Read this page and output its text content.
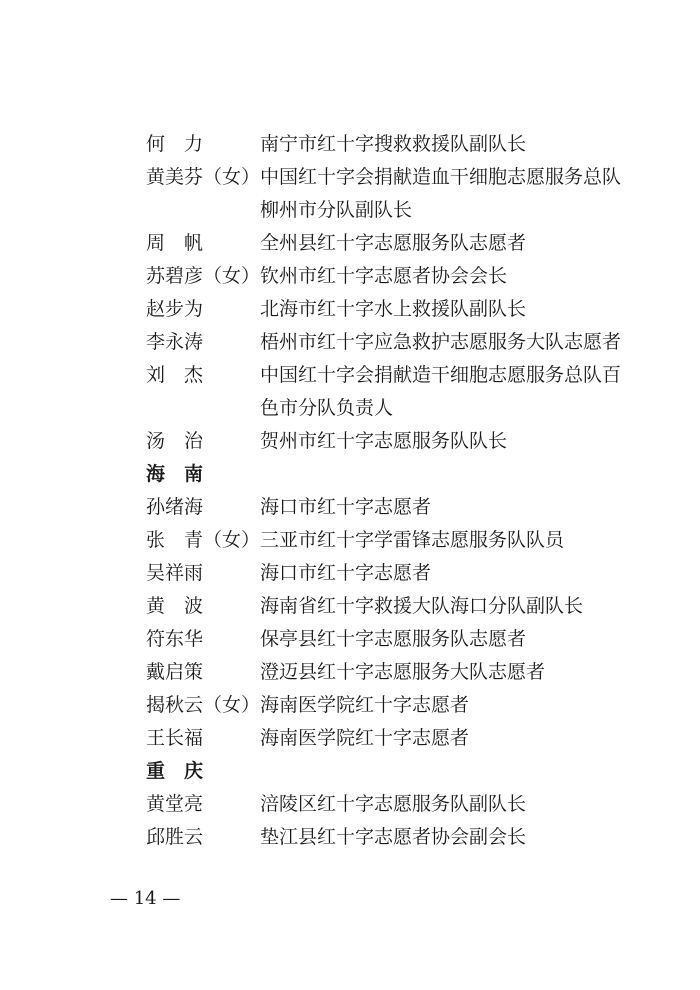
何　力	南宁市红十字搜救救援队副队长
黄美芬（女） 中国红十字会捐献造血干细胞志愿服务总队
柳州市分队副队长
周　帆	全州县红十字志愿服务队志愿者
苏碧彦（女） 钦州市红十字志愿者协会会长
赵步为	北海市红十字水上救援队副队长
李永涛	梧州市红十字应急救护志愿服务大队志愿者
刘　杰	中国红十字会捐献造干细胞志愿服务总队百
色市分队负责人
汤　治	贺州市红十字志愿服务队队长
海　南
孙绪海	海口市红十字志愿者
张　青（女） 三亚市红十字学雷锋志愿服务队队员
吴祥雨	海口市红十字志愿者
黄　波	海南省红十字救援大队海口分队副队长
符东华	保亭县红十字志愿服务队志愿者
戴启策	澄迈县红十字志愿服务大队志愿者
揭秋云（女） 海南医学院红十字志愿者
王长福	海南医学院红十字志愿者
重　庆
黄堂亮	涪陵区红十字志愿服务队副队长
邱胜云	垫江县红十字志愿者协会副会长
— 14 —
